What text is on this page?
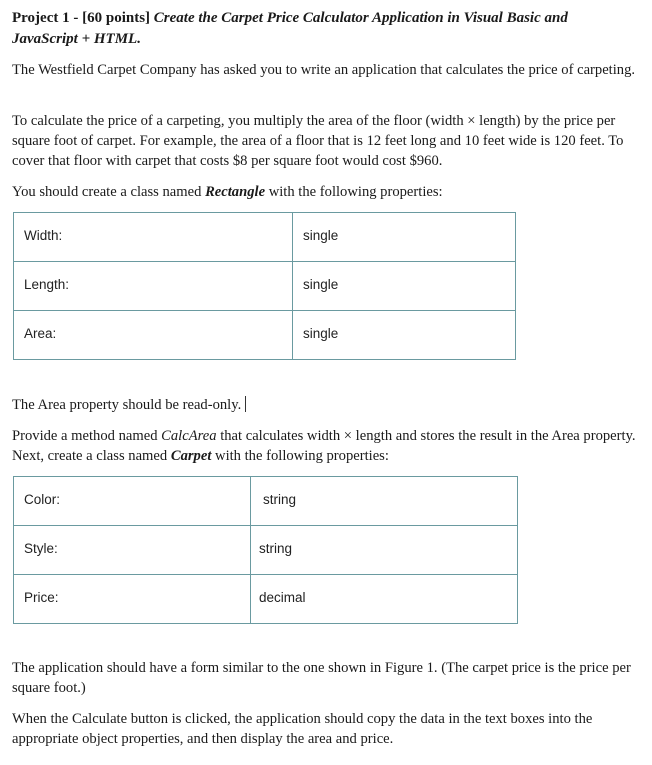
Project 1 - [60 points] Create the Carpet Price Calculator Application in Visual Basic and JavaScript + HTML.

The Westfield Carpet Company has asked you to write an application that calculates the price of carpeting.

To calculate the price of a carpeting, you multiply the area of the floor (width × length) by the price per square foot of carpet. For example, the area of a floor that is 12 feet long and 10 feet wide is 120 feet. To cover that floor with carpet that costs $8 per square foot would cost $960.

You should create a class named Rectangle with the following properties:

Width:	single

Length:	single

Area:	single

The Area property should be read-only.

Provide a method named CalcArea that calculates width × length and stores the result in the Area property. Next, create a class named Carpet with the following properties:

Color:	string

Style:	string

Price:	decimal

The application should have a form similar to the one shown in Figure 1. (The carpet price is the price per square foot.)

When the Calculate button is clicked, the application should copy the data in the text boxes into the appropriate object properties, and then display the area and price.
